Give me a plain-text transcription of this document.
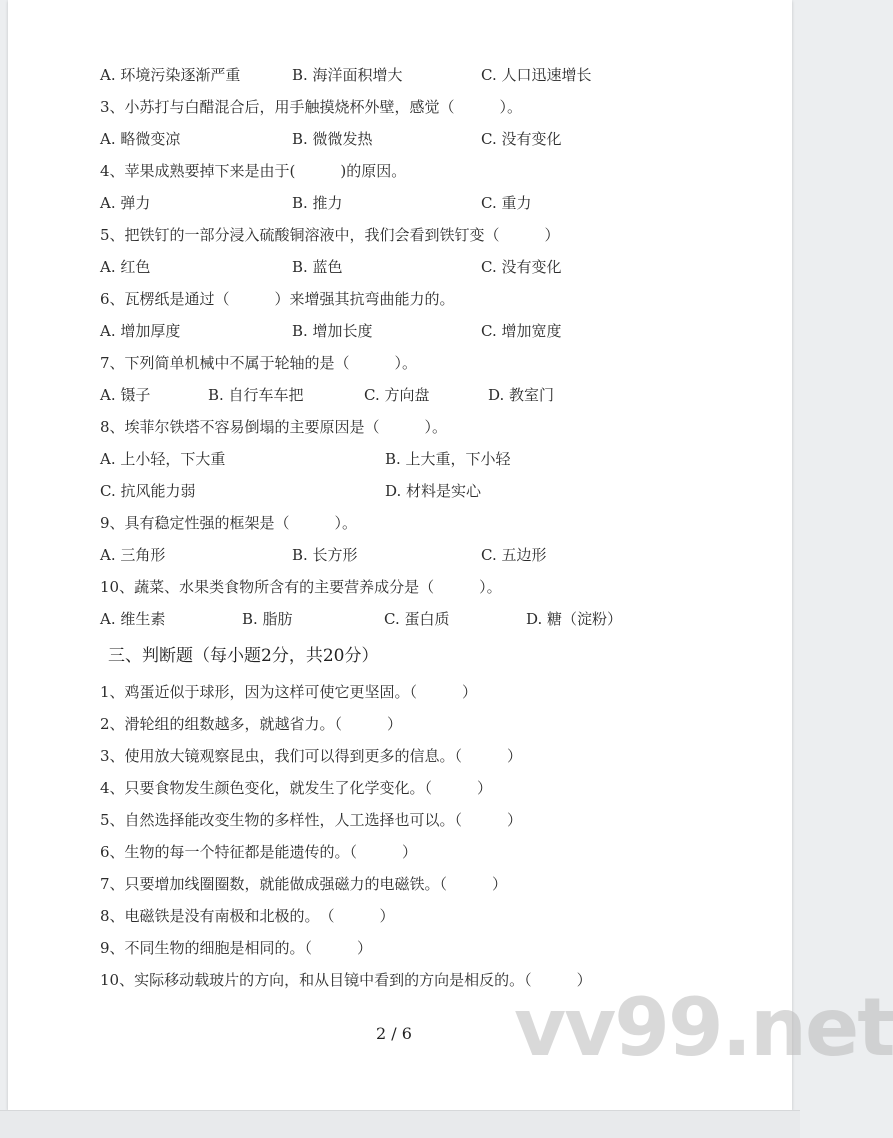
A. 环境污染逐渐严重	B. 海洋面积增大	C. 人口迅速增长
3、小苏打与白醋混合后，用手触摸烧杯外壁，感觉（　　　）。
A. 略微变凉	B. 微微发热	C. 没有变化
4、苹果成熟要掉下来是由于(　　　)的原因。
A. 弹力	B. 推力	C. 重力
5、把铁钉的一部分浸入硫酸铜溶液中，我们会看到铁钉变（　　　）
A. 红色	B. 蓝色	C. 没有变化
6、瓦楞纸是通过（　　　）来增强其抗弯曲能力的。
A. 增加厚度	B. 增加长度	C. 增加宽度
7、下列简单机械中不属于轮轴的是（　　　）。
A. 镊子	B. 自行车车把	C. 方向盘	D. 教室门
8、埃菲尔铁塔不容易倒塌的主要原因是（　　　）。
A. 上小轻，下大重	B. 上大重，下小轻
C. 抗风能力弱	D. 材料是实心
9、具有稳定性强的框架是（　　　）。
A. 三角形	B. 长方形	C. 五边形
10、蔬菜、水果类食物所含有的主要营养成分是（　　　）。
A. 维生素	B. 脂肪	C. 蛋白质	D. 糖（淀粉）
三、判断题（每小题2分，共20分）
1、鸡蛋近似于球形，因为这样可使它更坚固。（　　　）
2、滑轮组的组数越多，就越省力。（　　　）
3、使用放大镜观察昆虫，我们可以得到更多的信息。（　　　）
4、只要食物发生颜色变化，就发生了化学变化。（　　　）
5、自然选择能改变生物的多样性，人工选择也可以。（　　　）
6、生物的每一个特征都是能遗传的。（　　　）
7、只要增加线圈圈数，就能做成强磁力的电磁铁。（　　　）
8、电磁铁是没有南极和北极的。　（　　　）
9、不同生物的细胞是相同的。（　　　）
10、实际移动载玻片的方向，和从目镜中看到的方向是相反的。（　　　）
2 / 6 vv99.net
